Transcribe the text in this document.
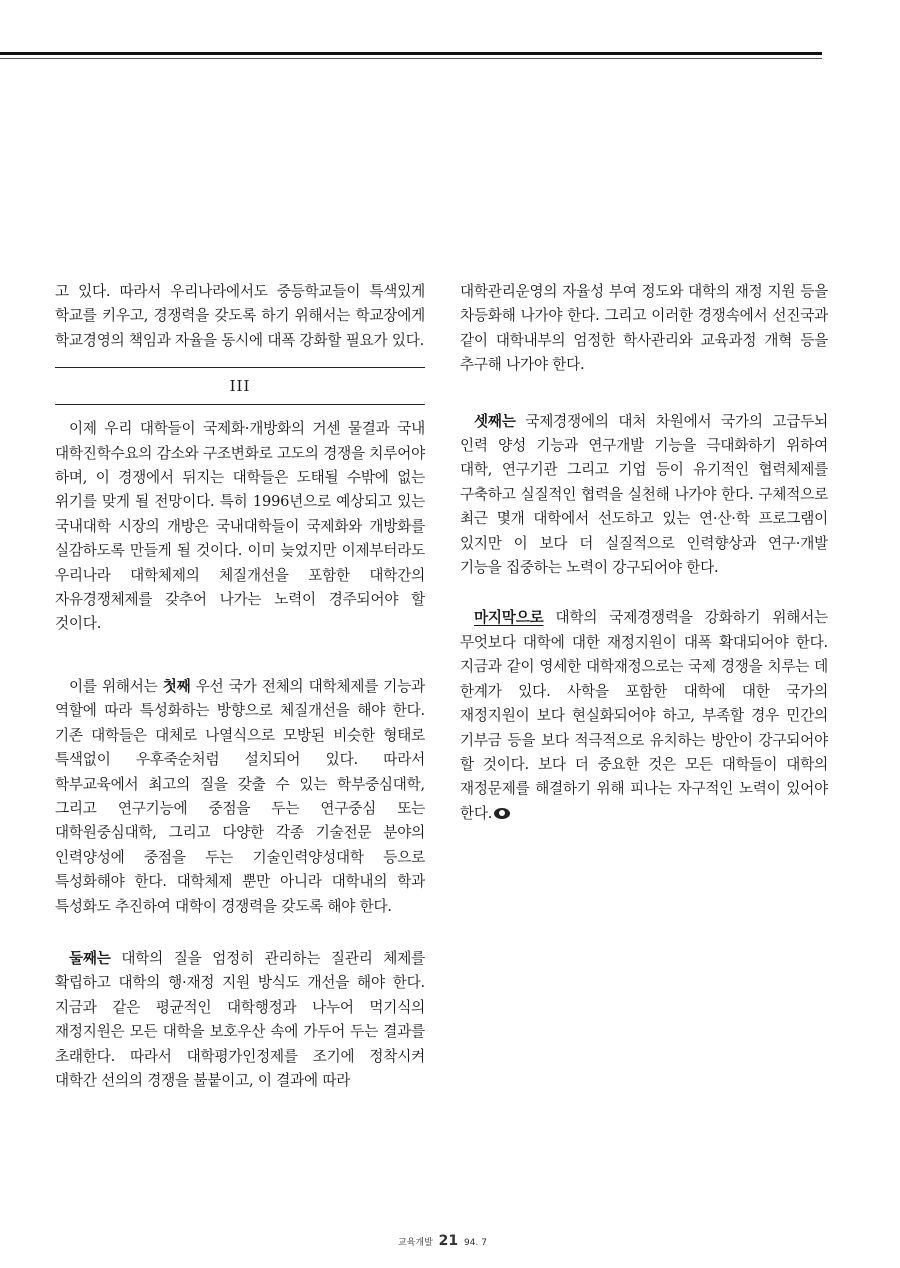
고 있다. 따라서 우리나라에서도 중등학교들이 특색있게 학교를 키우고, 경쟁력을 갖도록 하기 위해서는 학교장에게 학교경영의 책임과 자율을 동시에 대폭 강화할 필요가 있다.

III

이제 우리 대학들이 국제화·개방화의 거센 물결과 국내 대학진학수요의 감소와 구조변화로 고도의 경쟁을 치루어야 하며, 이 경쟁에서 뒤지는 대학들은 도태될 수밖에 없는 위기를 맞게 될 전망이다. 특히 1996년으로 예상되고 있는 국내대학 시장의 개방은 국내대학들이 국제화와 개방화를 실감하도록 만들게 될 것이다. 이미 늦었지만 이제부터라도 우리나라 대학체제의 체질개선을 포함한 대학간의 자유경쟁체제를 갖추어 나가는 노력이 경주되어야 할 것이다.

이를 위해서는 첫째 우선 국가 전체의 대학체제를 기능과 역할에 따라 특성화하는 방향으로 체질개선을 해야 한다. 기존 대학들은 대체로 나열식으로 모방된 비슷한 형태로 특색없이 우후죽순처럼 설치되어 있다. 따라서 학부교육에서 최고의 질을 갖출 수 있는 학부중심대학, 그리고 연구기능에 중점을 두는 연구중심 또는 대학원중심대학, 그리고 다양한 각종 기술전문 분야의 인력양성에 중점을 두는 기술인력양성대학 등으로 특성화해야 한다. 대학체제 뿐만 아니라 대학내의 학과 특성화도 추진하여 대학이 경쟁력을 갖도록 해야 한다.

둘째는 대학의 질을 엄정히 관리하는 질관리 체제를 확립하고 대학의 행·재정 지원 방식도 개선을 해야 한다. 지금과 같은 평균적인 대학행정과 나누어 먹기식의 재정지원은 모든 대학을 보호우산 속에 가두어 두는 결과를 초래한다. 따라서 대학평가인정제를 조기에 정착시켜 대학간 선의의 경쟁을 불붙이고, 이 결과에 따라

대학관리운영의 자율성 부여 정도와 대학의 재정 지원 등을 차등화해 나가야 한다. 그리고 이러한 경쟁속에서 선진국과 같이 대학내부의 엄정한 학사관리와 교육과정 개혁 등을 추구해 나가야 한다.

셋째는 국제경쟁에의 대처 차원에서 국가의 고급두뇌 인력 양성 기능과 연구개발 기능을 극대화하기 위하여 대학, 연구기관 그리고 기업 등이 유기적인 협력체제를 구축하고 실질적인 협력을 실천해 나가야 한다. 구체적으로 최근 몇개 대학에서 선도하고 있는 연·산·학 프로그램이 있지만 이 보다 더 실질적으로 인력향상과 연구·개발 기능을 집중하는 노력이 강구되어야 한다.

마지막으로 대학의 국제경쟁력을 강화하기 위해서는 무엇보다 대학에 대한 재정지원이 대폭 확대되어야 한다. 지금과 같이 영세한 대학재정으로는 국제 경쟁을 치루는 데 한계가 있다. 사학을 포함한 대학에 대한 국가의 재정지원이 보다 현실화되어야 하고, 부족할 경우 민간의 기부금 등을 보다 적극적으로 유치하는 방안이 강구되어야 할 것이다. 보다 더 중요한 것은 모든 대학들이 대학의 재정문제를 해결하기 위해 피나는 자구적인 노력이 있어야 한다.

교육개발 21 94. 7
